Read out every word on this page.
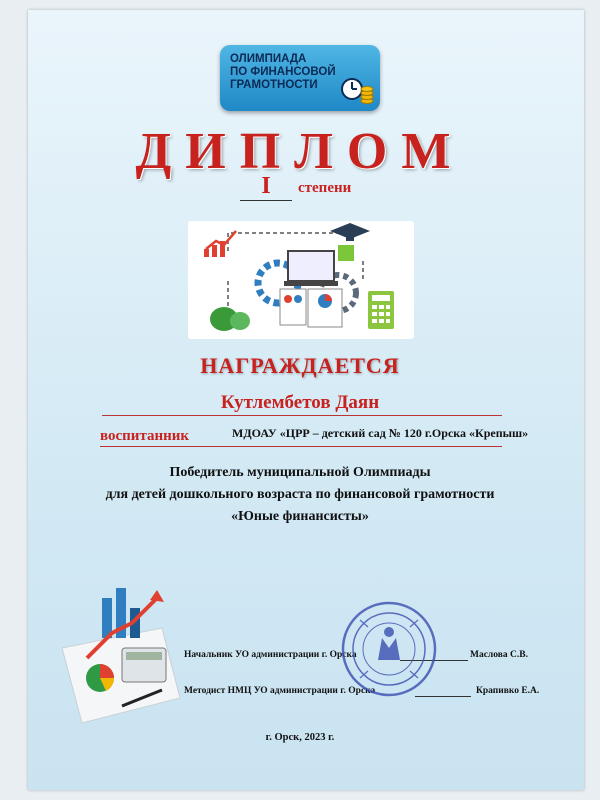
ОЛИМПИАДА
ПО ФИНАНСОВОЙ
ГРАМОТНОСТИ
ДИПЛОМ
I	степени
НАГРАЖДАЕТСЯ
Кутлембетов Даян
воспитанник	МДОАУ «ЦРР – детский сад № 120 г.Орска «Крепыш»
Победитель муниципальной Олимпиады
для детей дошкольного возраста по финансовой грамотности
«Юные финансисты»
Начальник УО администрации г. Орска	Маслова С.В.
Методист НМЦ УО администрации г. Орска	Крапивко Е.А.
г. Орск, 2023 г.
